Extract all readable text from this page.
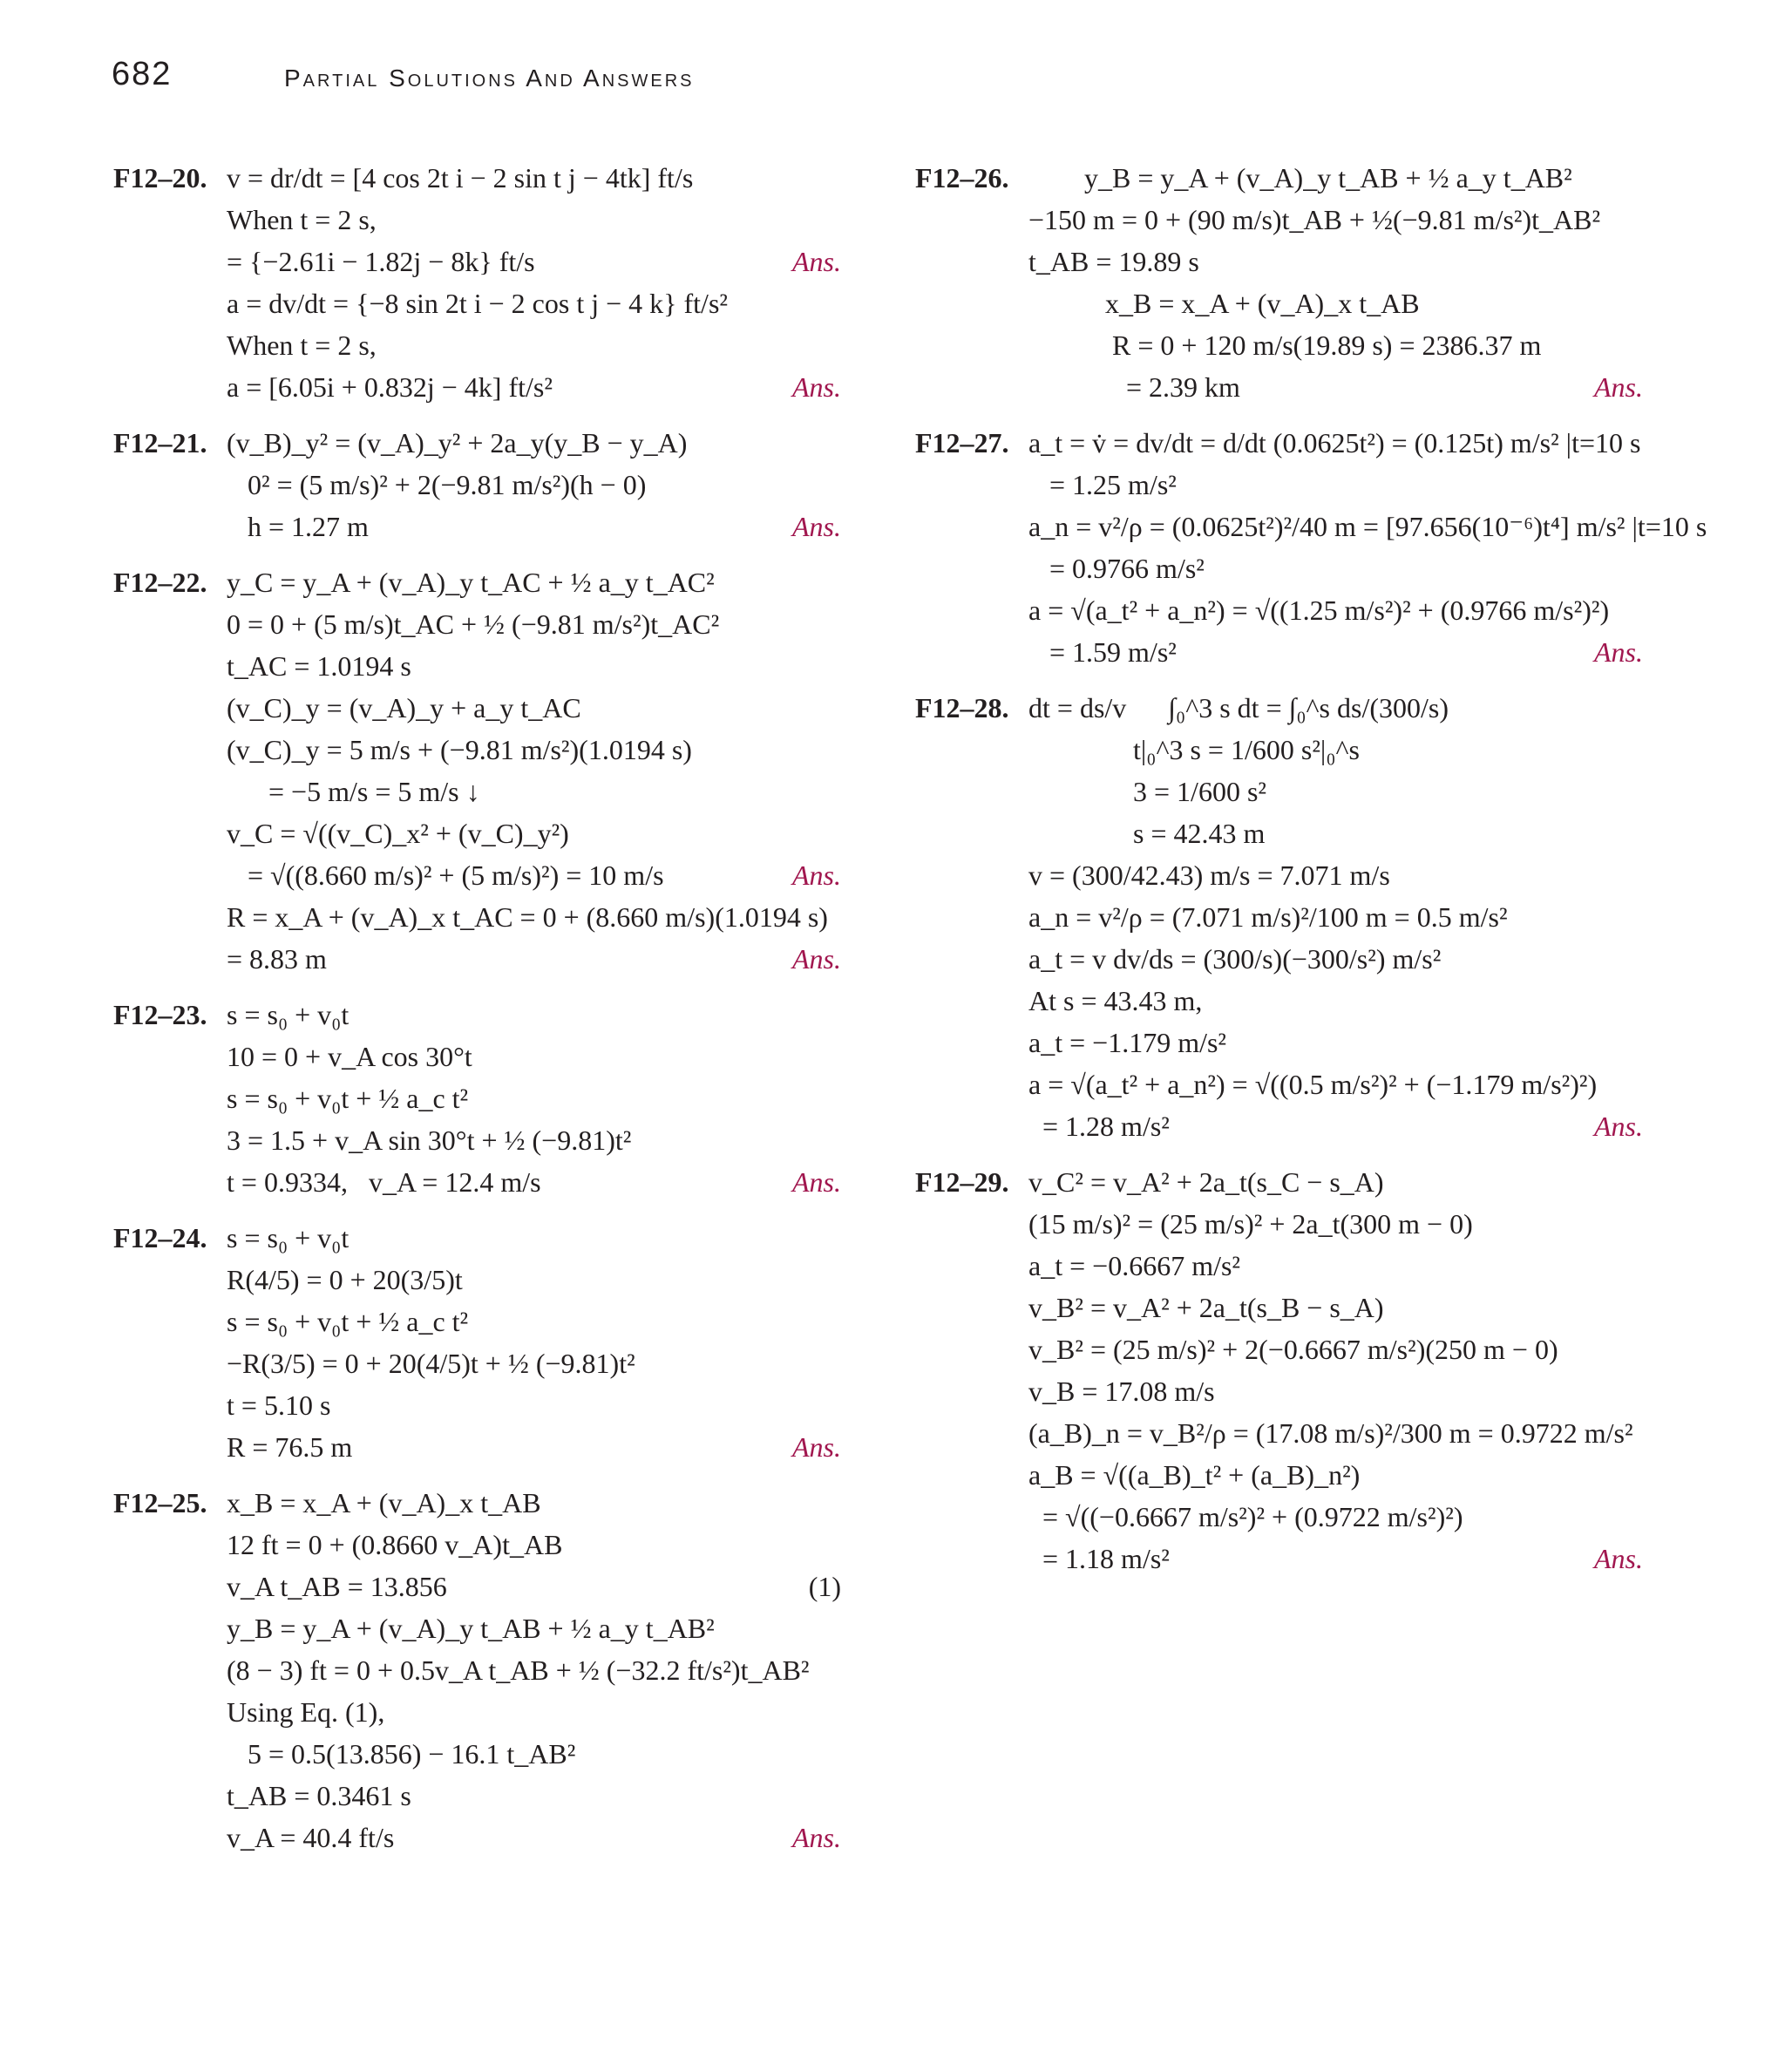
682	Partial Solutions And Answers
F12–20. v = dr/dt = [4 cos 2t i − 2 sin t j − 4tk] ft/s
When t = 2 s,
= {−2.61i − 1.82j − 8k} ft/s	Ans.
a = dv/dt = {−8 sin 2t i − 2 cos t j − 4 k} ft/s²
When t = 2 s,
a = [6.05i + 0.832j − 4k] ft/s²	Ans.
F12–21. (v_B)_y² = (v_A)_y² + 2a_y(y_B − y_A)
0² = (5 m/s)² + 2(−9.81 m/s²)(h − 0)
h = 1.27 m	Ans.
F12–22. y_C = y_A + (v_A)_y t_AC + ½ a_y t_AC²
0 = 0 + (5 m/s)t_AC + ½ (−9.81 m/s²)t_AC²
t_AC = 1.0194 s
(v_C)_y = (v_A)_y + a_y t_AC
(v_C)_y = 5 m/s + (−9.81 m/s²)(1.0194 s)
= −5 m/s = 5 m/s ↓
v_C = √((v_C)_x² + (v_C)_y²)
= √((8.660 m/s)² + (5 m/s)²) = 10 m/s	Ans.
R = x_A + (v_A)_x t_AC = 0 + (8.660 m/s)(1.0194 s)
= 8.83 m	Ans.
F12–23. s = s₀ + v₀t
10 = 0 + v_A cos 30°t
s = s₀ + v₀t + ½ a_c t²
3 = 1.5 + v_A sin 30°t + ½ (−9.81)t²
t = 0.9334,   v_A = 12.4 m/s	Ans.
F12–24. s = s₀ + v₀t
R(4/5) = 0 + 20(3/5)t
s = s₀ + v₀t + ½ a_c t²
−R(3/5) = 0 + 20(4/5)t + ½ (−9.81)t²
t = 5.10 s
R = 76.5 m	Ans.
F12–25. x_B = x_A + (v_A)_x t_AB
12 ft = 0 + (0.8660 v_A)t_AB
v_A t_AB = 13.856	(1)
y_B = y_A + (v_A)_y t_AB + ½ a_y t_AB²
(8 − 3) ft = 0 + 0.5v_A t_AB + ½ (−32.2 ft/s²)t_AB²
Using Eq. (1),
5 = 0.5(13.856) − 16.1 t_AB²
t_AB = 0.3461 s
v_A = 40.4 ft/s	Ans.
F12–26. y_B = y_A + (v_A)_y t_AB + ½ a_y t_AB²
−150 m = 0 + (90 m/s)t_AB + ½(−9.81 m/s²)t_AB²
t_AB = 19.89 s
x_B = x_A + (v_A)_x t_AB
R = 0 + 120 m/s(19.89 s) = 2386.37 m
= 2.39 km	Ans.
F12–27. a_t = v̇ = dv/dt = d/dt (0.0625t²) = (0.125t) m/s² |t=10 s
= 1.25 m/s²
a_n = v²/ρ = (0.0625t²)²/40 m = [97.656(10⁻⁶)t⁴] m/s² |t=10 s
= 0.9766 m/s²
a = √(a_t² + a_n²) = √((1.25 m/s²)² + (0.9766 m/s²)²)
= 1.59 m/s²	Ans.
F12–28. dt = ds/v      ∫₀^3 s dt = ∫₀^s ds/(300/s)
t|₀^3 s = 1/600 s²|₀^s
3 = 1/600 s²
s = 42.43 m
v = (300/42.43) m/s = 7.071 m/s
a_n = v²/ρ = (7.071 m/s)²/100 m = 0.5 m/s²
a_t = v dv/ds = (300/s)(−300/s²) m/s²
At s = 43.43 m,
a_t = −1.179 m/s²
a = √(a_t² + a_n²) = √((0.5 m/s²)² + (−1.179 m/s²)²)
= 1.28 m/s²	Ans.
F12–29. v_C² = v_A² + 2a_t(s_C − s_A)
(15 m/s)² = (25 m/s)² + 2a_t(300 m − 0)
a_t = −0.6667 m/s²
v_B² = v_A² + 2a_t(s_B − s_A)
v_B² = (25 m/s)² + 2(−0.6667 m/s²)(250 m − 0)
v_B = 17.08 m/s
(a_B)_n = v_B²/ρ = (17.08 m/s)²/300 m = 0.9722 m/s²
a_B = √((a_B)_t² + (a_B)_n²)
= √((−0.6667 m/s²)² + (0.9722 m/s²)²)
= 1.18 m/s²	Ans.
